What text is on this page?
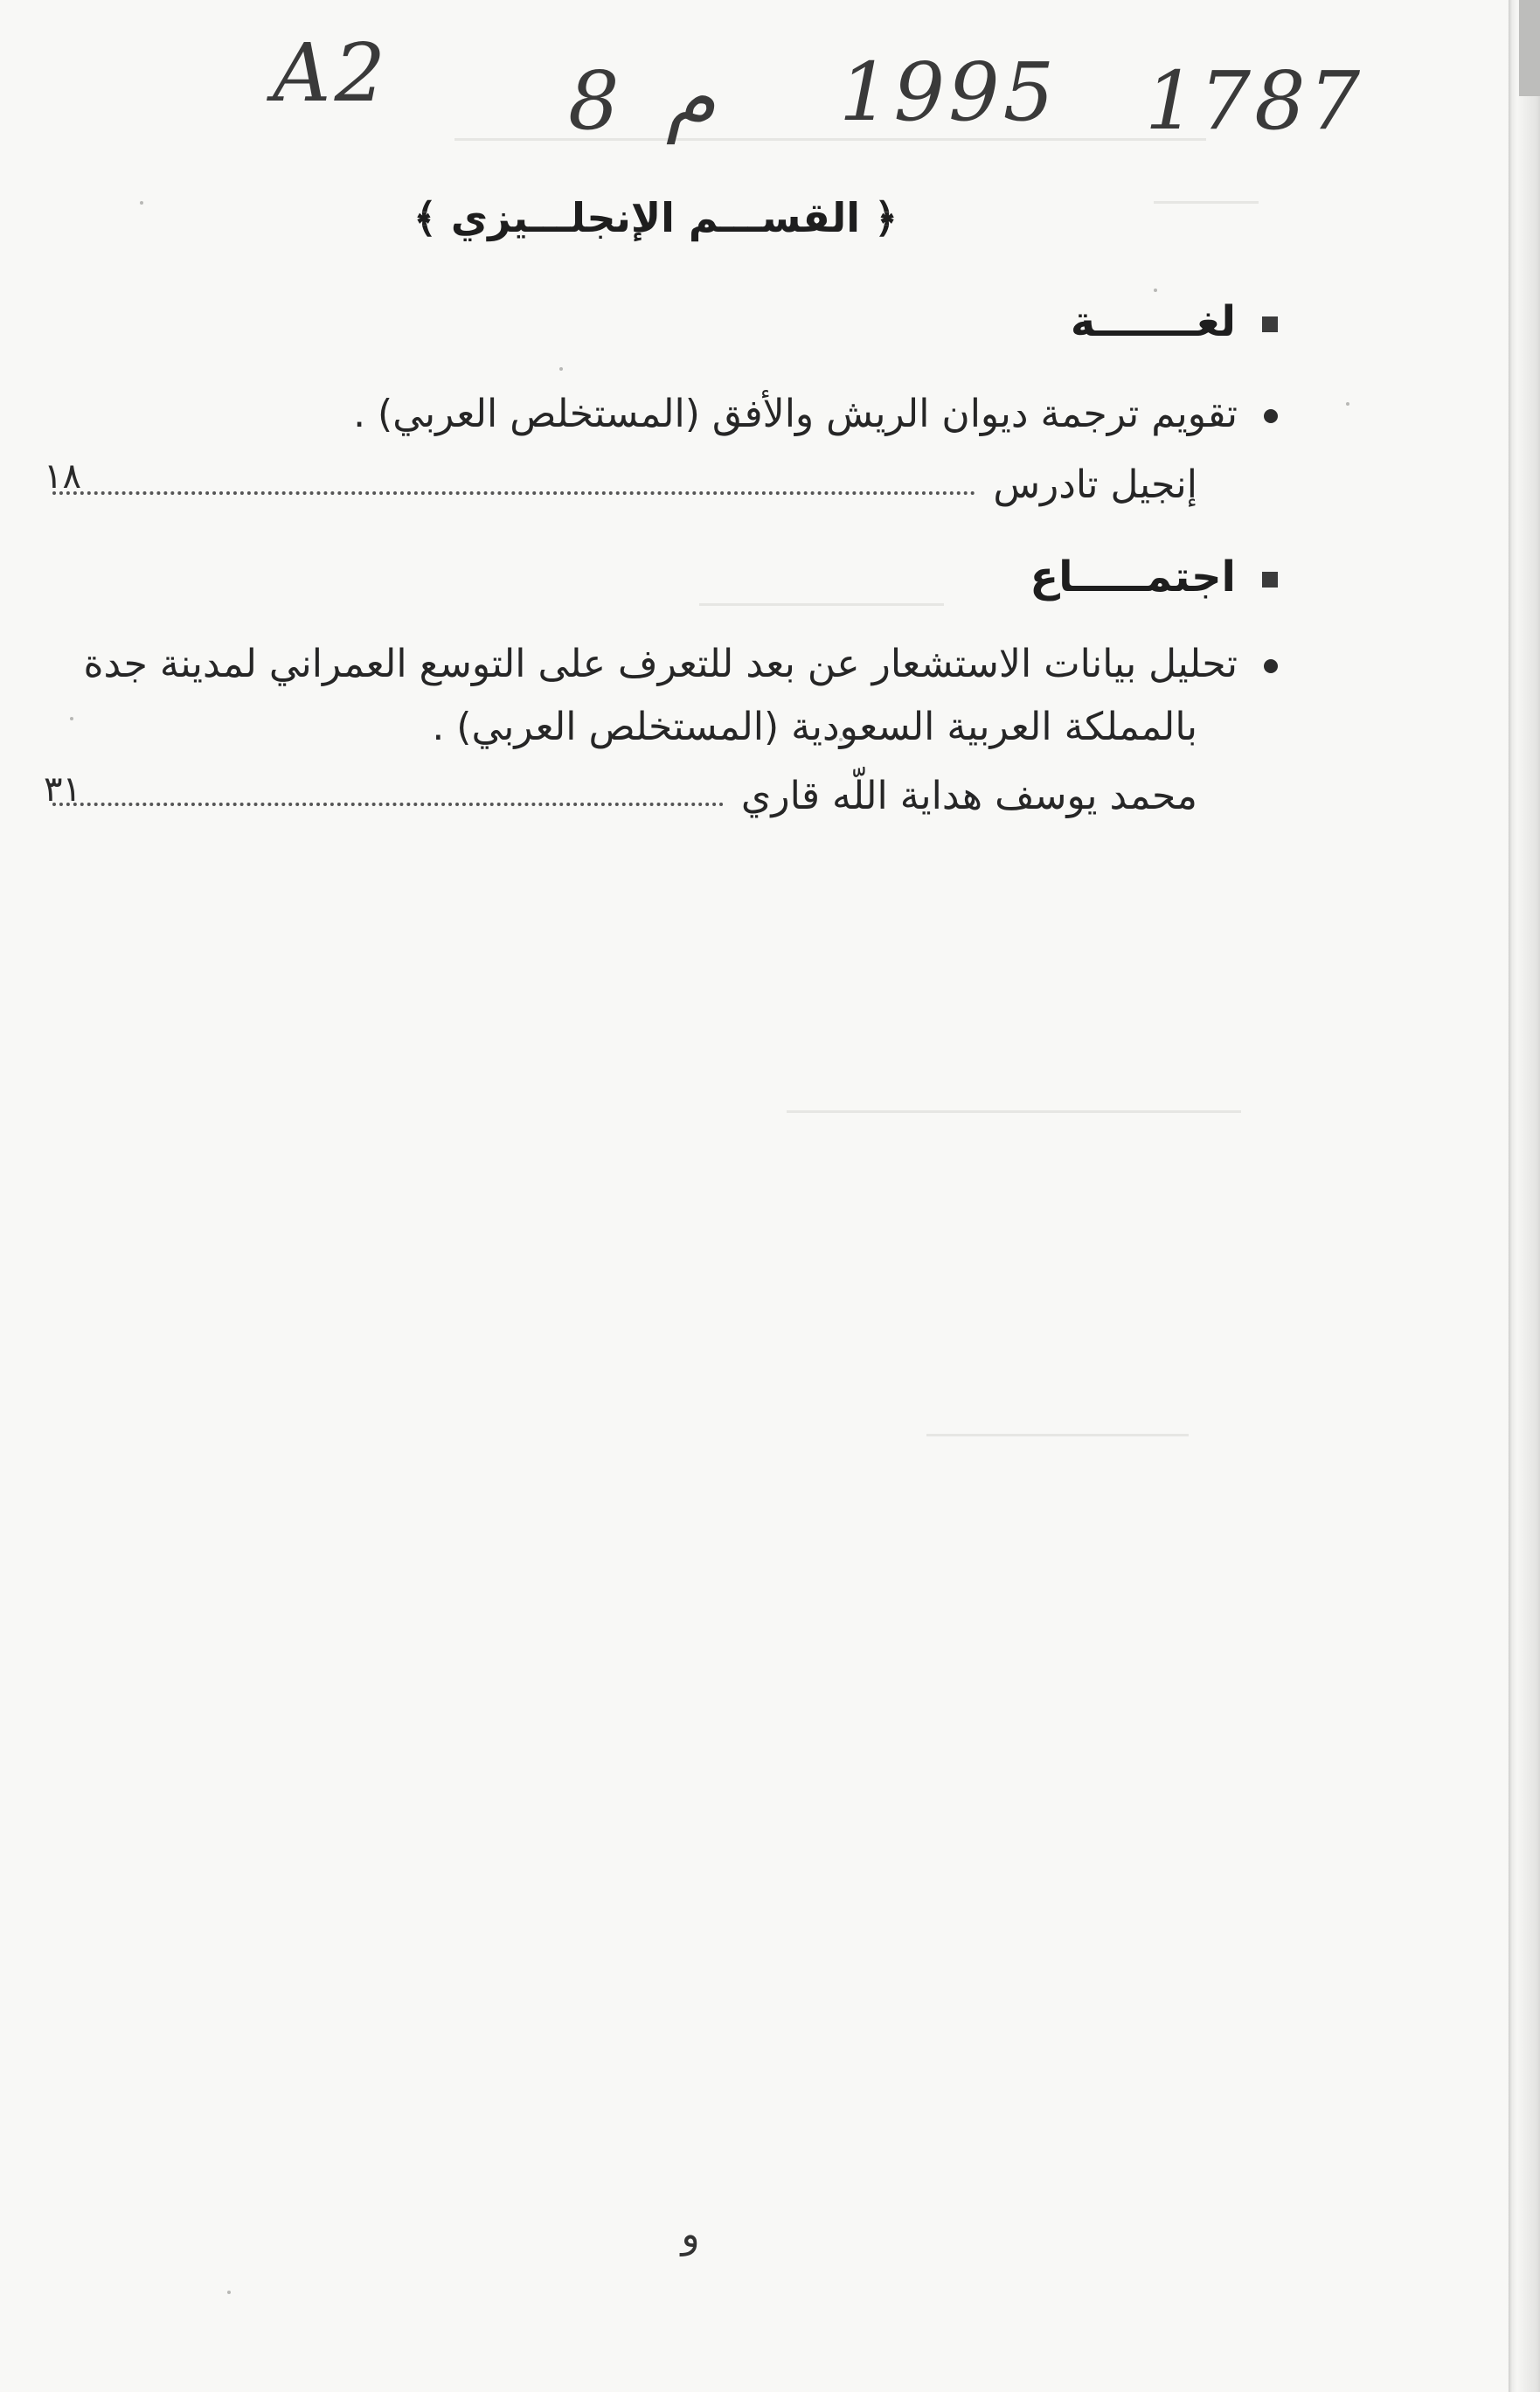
A2 8 م 1995 1787
﴿ القســـم الإنجلـــيزي ﴾
لغـــــــة
تقويم ترجمة ديوان الريش والأفق (المستخلص العربي) .
إنجيل تادرس
١٨
اجتمـــــاع
تحليل بيانات الاستشعار عن بعد للتعرف على التوسع العمراني لمدينة جدة
بالمملكة العربية السعودية (المستخلص العربي) .
محمد يوسف هداية اللّه قاري
٣١
و
